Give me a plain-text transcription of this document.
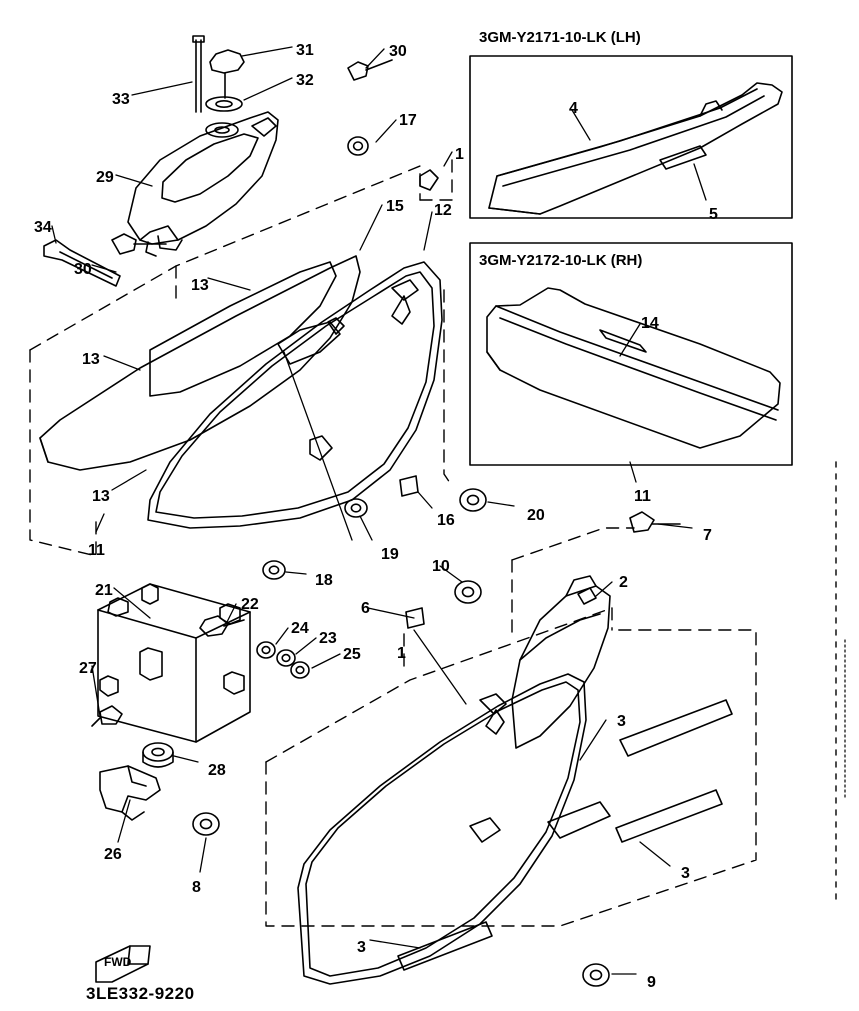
3GM-Y2171-10-LK (LH)
3GM-Y2172-10-LK (RH)
3LE332-9220
FWD
31	30
32
33
17
1
29
15 12
34
30
13
13
13
11
16	20
19
18
11
7
10
2
21
22
24
23
25
6
1
27
28
26
8
3
3
3
9
4
5
14
